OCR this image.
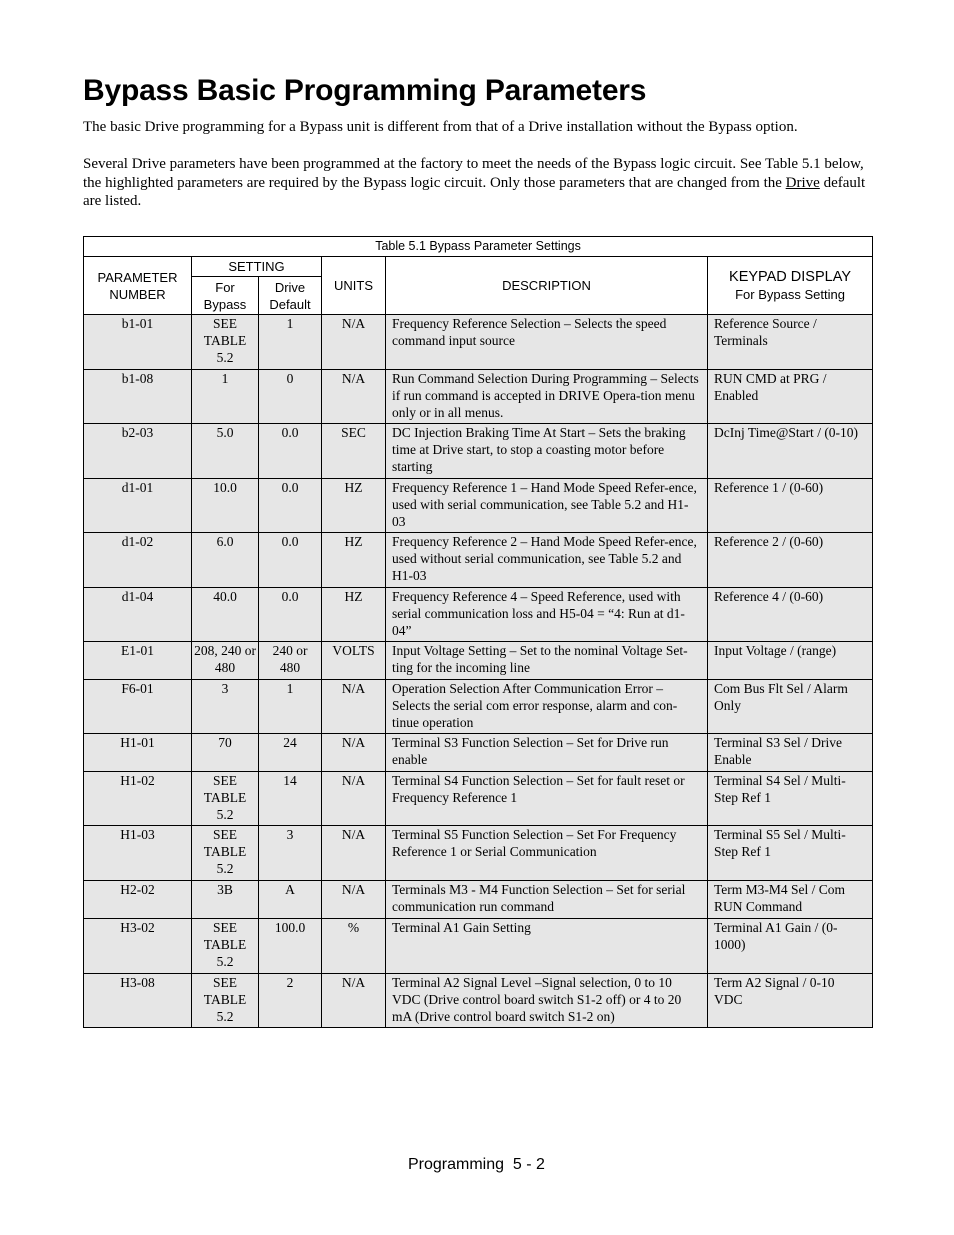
Bypass Basic Programming Parameters

The basic Drive programming for a Bypass unit is different from that of a Drive installation without the Bypass option.

Several Drive parameters have been programmed at the factory to meet the needs of the Bypass logic circuit. See Table 5.1 below, the highlighted parameters are required by the Bypass logic circuit. Only those parameters that are changed from the Drive default are listed.

Table 5.1 Bypass Parameter Settings					
PARAMETER NUMBER	SETTING		UNITS	DESCRIPTION	KEYPAD DISPLAY
For Bypass Setting

	For Bypass	Drive Default			
b1-01	SEE TABLE 5.2	1	N/A	Frequency Reference Selection – Selects the speed command input source	Reference Source / Terminals
b1-08	1	0	N/A	Run Command Selection During Programming – Selects if run command is accepted in DRIVE Opera-tion menu only or in all menus.	RUN CMD at PRG / Enabled
b2-03	5.0	0.0	SEC	DC Injection Braking Time At Start – Sets the braking time at Drive start, to stop a coasting motor before starting	DcInj Time@Start / (0-10)
d1-01	10.0	0.0	HZ	Frequency Reference 1 – Hand Mode Speed Refer-ence, used with serial communication, see Table 5.2 and H1-03	Reference 1 / (0-60)
d1-02	6.0	0.0	HZ	Frequency Reference 2 – Hand Mode Speed Refer-ence, used without serial communication, see Table 5.2 and H1-03	Reference 2 / (0-60)
d1-04	40.0	0.0	HZ	Frequency Reference 4 – Speed Reference, used with serial communication loss and H5-04 = “4: Run at d1-04”	Reference 4 / (0-60)
E1-01	208, 240 or 480	240 or 480	VOLTS	Input Voltage Setting – Set to the nominal Voltage Set-ting for the incoming line	Input Voltage / (range)
F6-01	3	1	N/A	Operation Selection After Communication Error – Selects the serial com error response, alarm and con-tinue operation	Com Bus Flt Sel / Alarm Only
H1-01	70	24	N/A	Terminal S3 Function Selection – Set for Drive run enable	Terminal S3 Sel / Drive Enable
H1-02	SEE TABLE 5.2	14	N/A	Terminal S4 Function Selection – Set for fault reset or Frequency Reference 1	Terminal S4 Sel / Multi-Step Ref 1
H1-03	SEE TABLE 5.2	3	N/A	Terminal S5 Function Selection – Set For Frequency Reference 1 or Serial Communication	Terminal S5 Sel / Multi-Step Ref 1
H2-02	3B	A	N/A	Terminals M3 - M4 Function Selection – Set for serial communication run command	Term M3-M4 Sel / Com RUN Command
H3-02	SEE TABLE 5.2	100.0	%	Terminal A1 Gain Setting	Terminal A1 Gain / (0-1000)
H3-08	SEE TABLE 5.2	2	N/A	Terminal A2 Signal Level –Signal selection, 0 to 10 VDC (Drive control board switch S1-2 off) or 4 to 20 mA (Drive control board switch S1-2 on)	Term A2 Signal / 0-10 VDC
Programming  5 - 2
